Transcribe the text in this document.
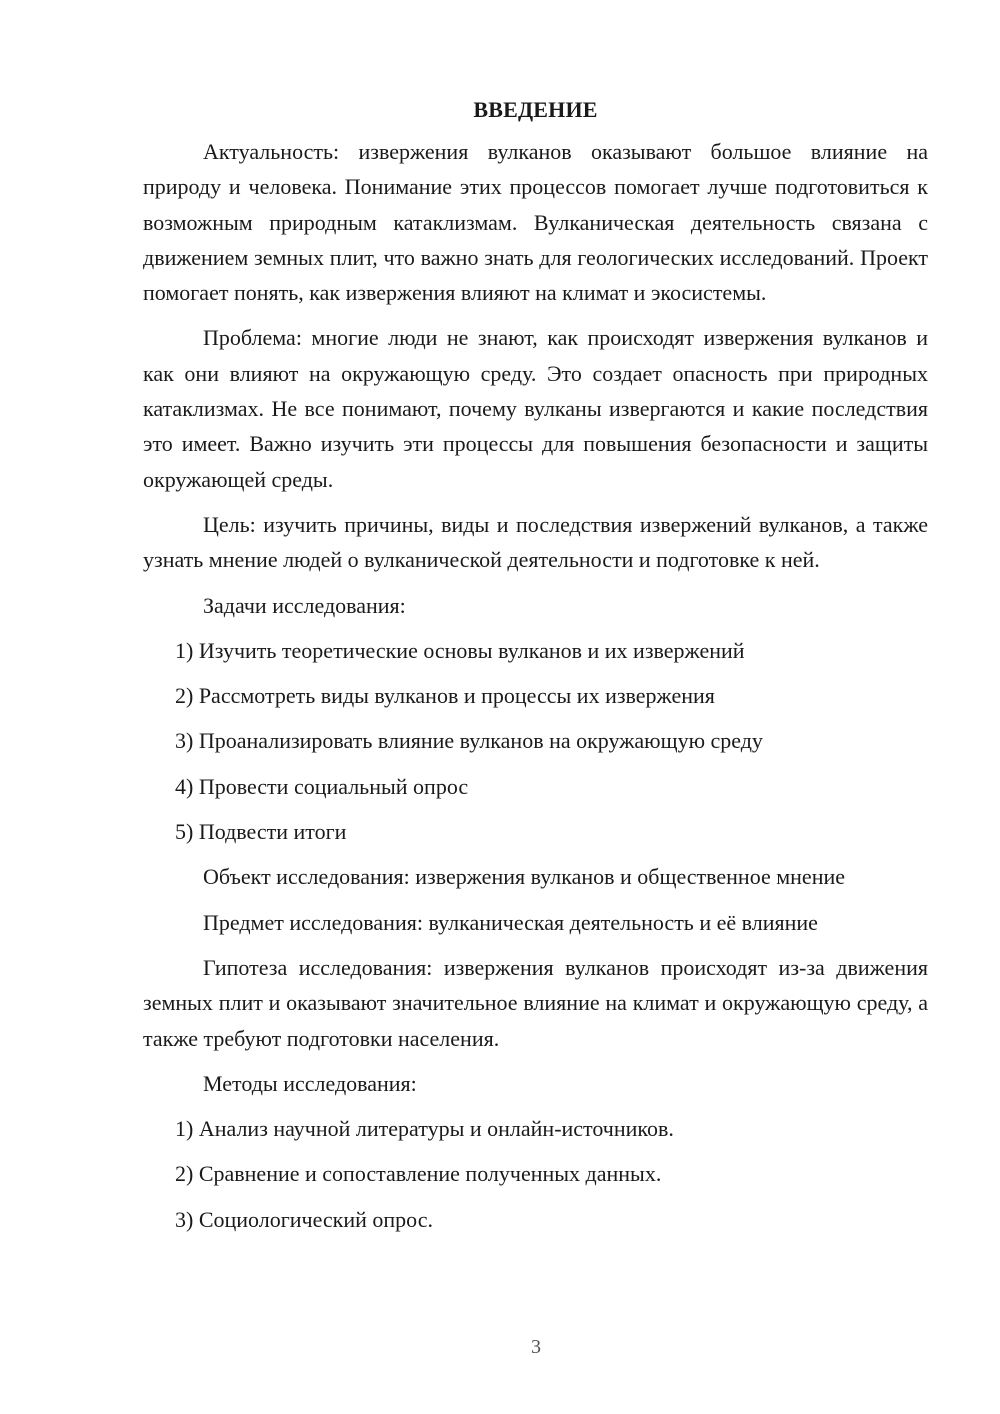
ВВЕДЕНИЕ

Актуальность: извержения вулканов оказывают большое влияние на природу и человека. Понимание этих процессов помогает лучше подготовиться к возможным природным катаклизмам. Вулканическая деятельность связана с движением земных плит, что важно знать для геологических исследований. Проект помогает понять, как извержения влияют на климат и экосистемы.

Проблема: многие люди не знают, как происходят извержения вулканов и как они влияют на окружающую среду. Это создает опасность при природных катаклизмах. Не все понимают, почему вулканы извергаются и какие последствия это имеет. Важно изучить эти процессы для повышения безопасности и защиты окружающей среды.

Цель: изучить причины, виды и последствия извержений вулканов, а также узнать мнение людей о вулканической деятельности и подготовке к ней.

Задачи исследования:
1) Изучить теоретические основы вулканов и их извержений
2) Рассмотреть виды вулканов и процессы их извержения
3) Проанализировать влияние вулканов на окружающую среду
4) Провести социальный опрос
5) Подвести итоги
Объект исследования: извержения вулканов и общественное мнение
Предмет исследования: вулканическая деятельность и её влияние

Гипотеза исследования: извержения вулканов происходят из-за движения земных плит и оказывают значительное влияние на климат и окружающую среду, а также требуют подготовки населения.

Методы исследования:
1) Анализ научной литературы и онлайн-источников.
2) Сравнение и сопоставление полученных данных.
3) Социологический опрос.
3
